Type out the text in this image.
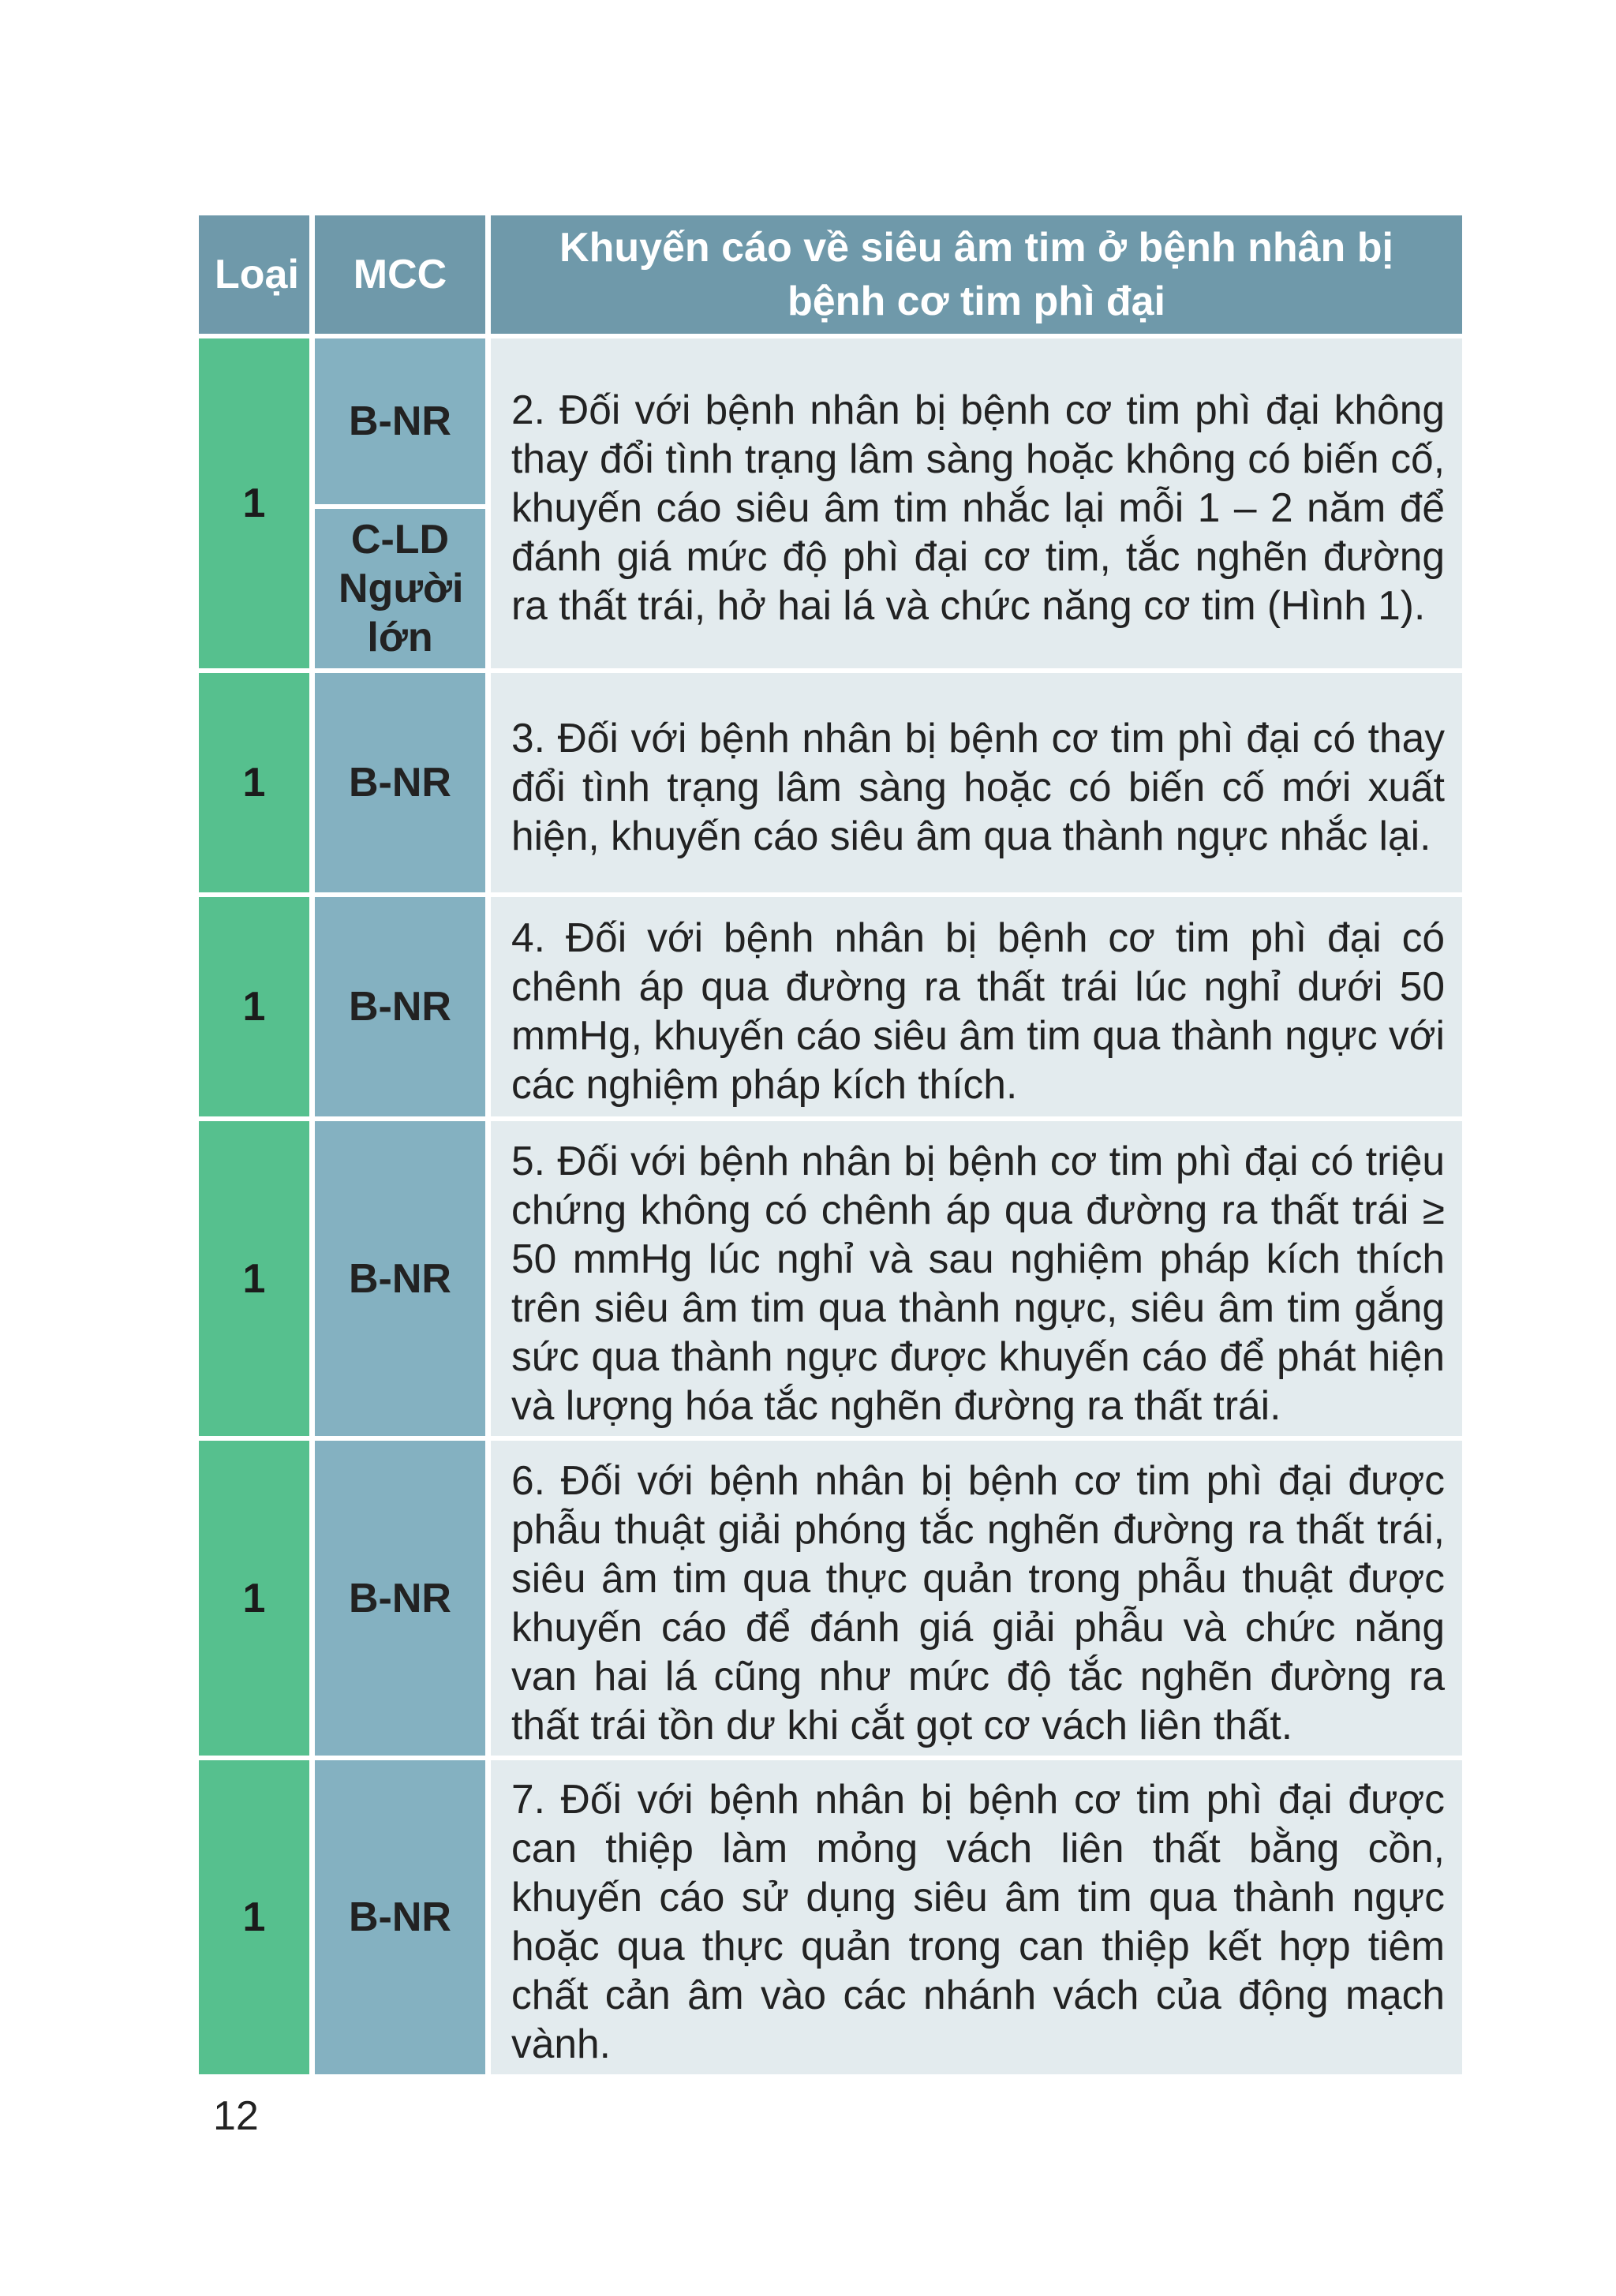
Loại	MCC	Khuyến cáo về siêu âm tim ở bệnh nhân bị bệnh cơ tim phì đại
1	B-NR	2. Đối với bệnh nhân bị bệnh cơ tim phì đại không thay đổi tình trạng lâm sàng hoặc không có biến cố, khuyến cáo siêu âm tim nhắc lại mỗi 1 – 2 năm để đánh giá mức độ phì đại cơ tim, tắc nghẽn đường ra thất trái, hở hai lá và chức năng cơ tim (Hình 1).
	C-LD Người lớn	
1	B-NR	3. Đối với bệnh nhân bị bệnh cơ tim phì đại có thay đổi tình trạng lâm sàng hoặc có biến cố mới xuất hiện, khuyến cáo siêu âm qua thành ngực nhắc lại.
1	B-NR	4. Đối với bệnh nhân bị bệnh cơ tim phì đại có chênh áp qua đường ra thất trái lúc nghỉ dưới 50 mmHg, khuyến cáo siêu âm tim qua thành ngực với các nghiệm pháp kích thích.
1	B-NR	5. Đối với bệnh nhân bị bệnh cơ tim phì đại có triệu chứng không có chênh áp qua đường ra thất trái ≥ 50 mmHg lúc nghỉ và sau nghiệm pháp kích thích trên siêu âm tim qua thành ngực, siêu âm tim gắng sức qua thành ngực được khuyến cáo để phát hiện và lượng hóa tắc nghẽn đường ra thất trái.
1	B-NR	6. Đối với bệnh nhân bị bệnh cơ tim phì đại được phẫu thuật giải phóng tắc nghẽn đường ra thất trái, siêu âm tim qua thực quản trong phẫu thuật được khuyến cáo để đánh giá giải phẫu và chức năng van hai lá cũng như mức độ tắc nghẽn đường ra thất trái tồn dư khi cắt gọt cơ vách liên thất.
1	B-NR	7. Đối với bệnh nhân bị bệnh cơ tim phì đại được can thiệp làm mỏng vách liên thất bằng cồn, khuyến cáo sử dụng siêu âm tim qua thành ngực hoặc qua thực quản trong can thiệp kết hợp tiêm chất cản âm vào các nhánh vách của động mạch vành.
12
